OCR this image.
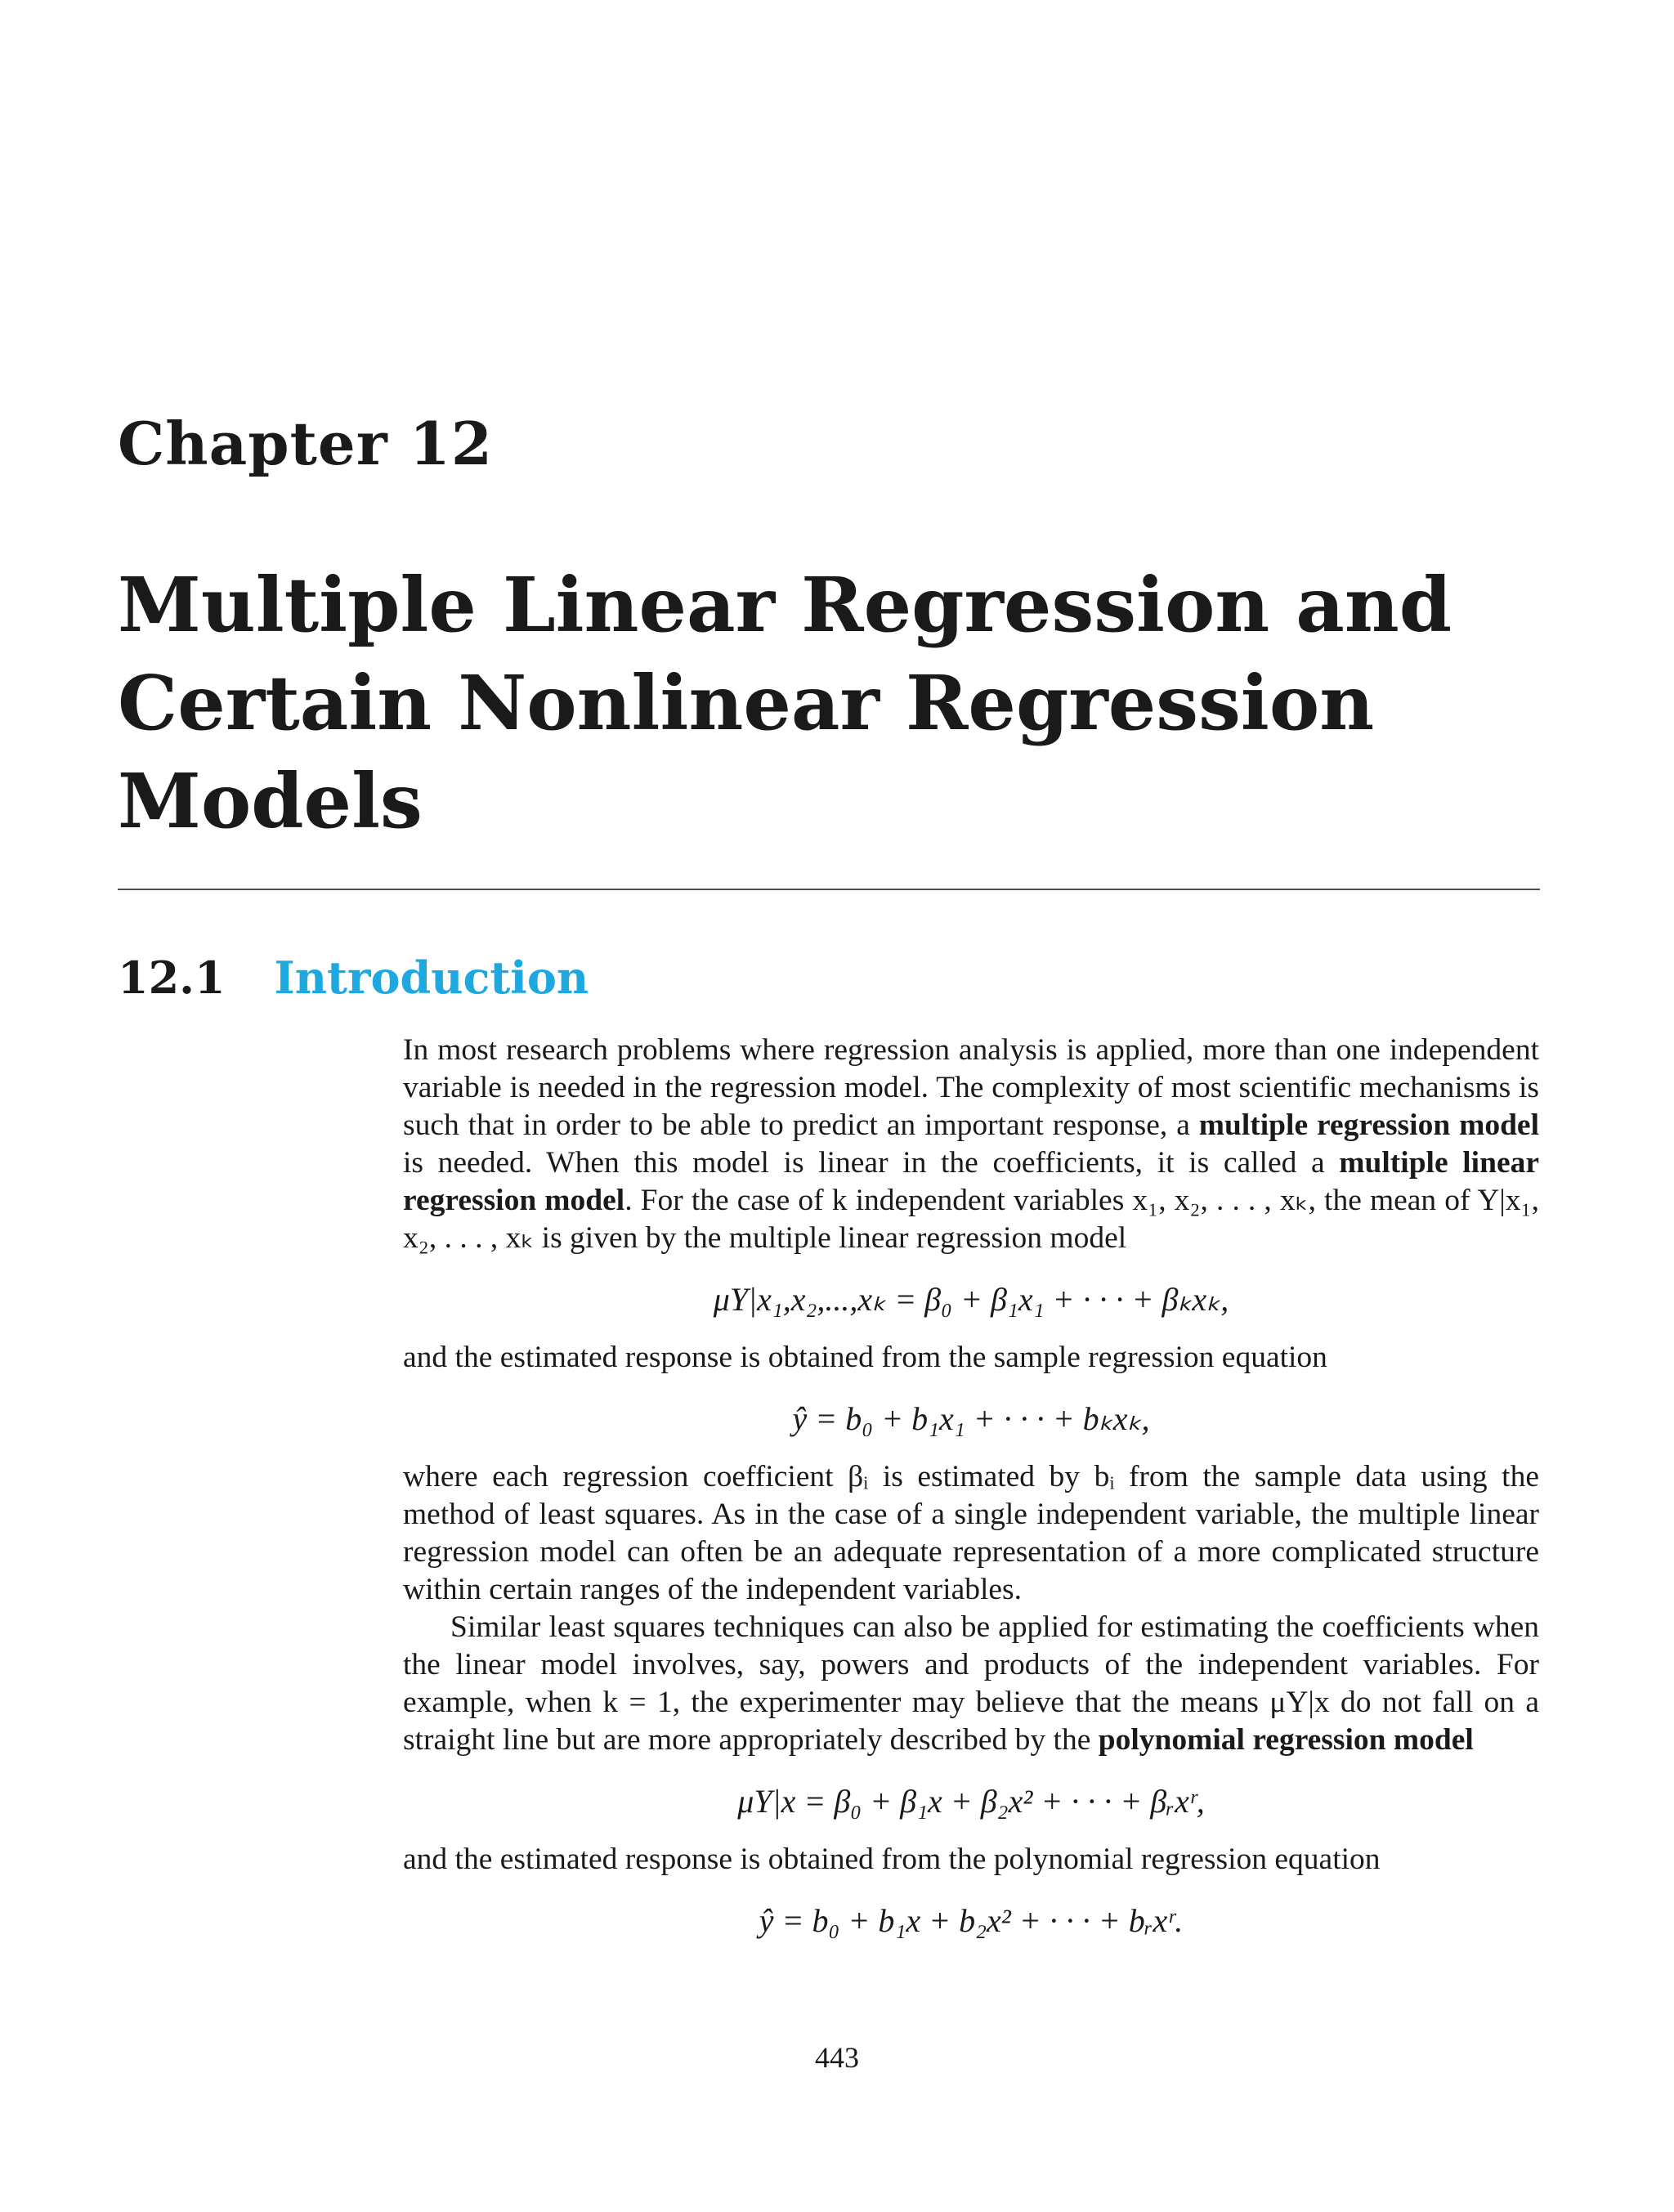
Chapter 12
Multiple Linear Regression and Certain Nonlinear Regression Models
12.1 Introduction

In most research problems where regression analysis is applied, more than one independent variable is needed in the regression model. The complexity of most scientific mechanisms is such that in order to be able to predict an important response, a multiple regression model is needed. When this model is linear in the coefficients, it is called a multiple linear regression model. For the case of k independent variables x₁, x₂, . . . , xₖ, the mean of Y|x₁, x₂, . . . , xₖ is given by the multiple linear regression model

μY|x₁,x₂,...,xₖ = β₀ + β₁x₁ + · · · + βₖxₖ,

and the estimated response is obtained from the sample regression equation

ŷ = b₀ + b₁x₁ + · · · + bₖxₖ,

where each regression coefficient βᵢ is estimated by bᵢ from the sample data using the method of least squares. As in the case of a single independent variable, the multiple linear regression model can often be an adequate representation of a more complicated structure within certain ranges of the independent variables.

Similar least squares techniques can also be applied for estimating the coefficients when the linear model involves, say, powers and products of the independent variables. For example, when k = 1, the experimenter may believe that the means μY|x do not fall on a straight line but are more appropriately described by the polynomial regression model

μY|x = β₀ + β₁x + β₂x² + · · · + βᵣxʳ,

and the estimated response is obtained from the polynomial regression equation

ŷ = b₀ + b₁x + b₂x² + · · · + bᵣxʳ.
443
